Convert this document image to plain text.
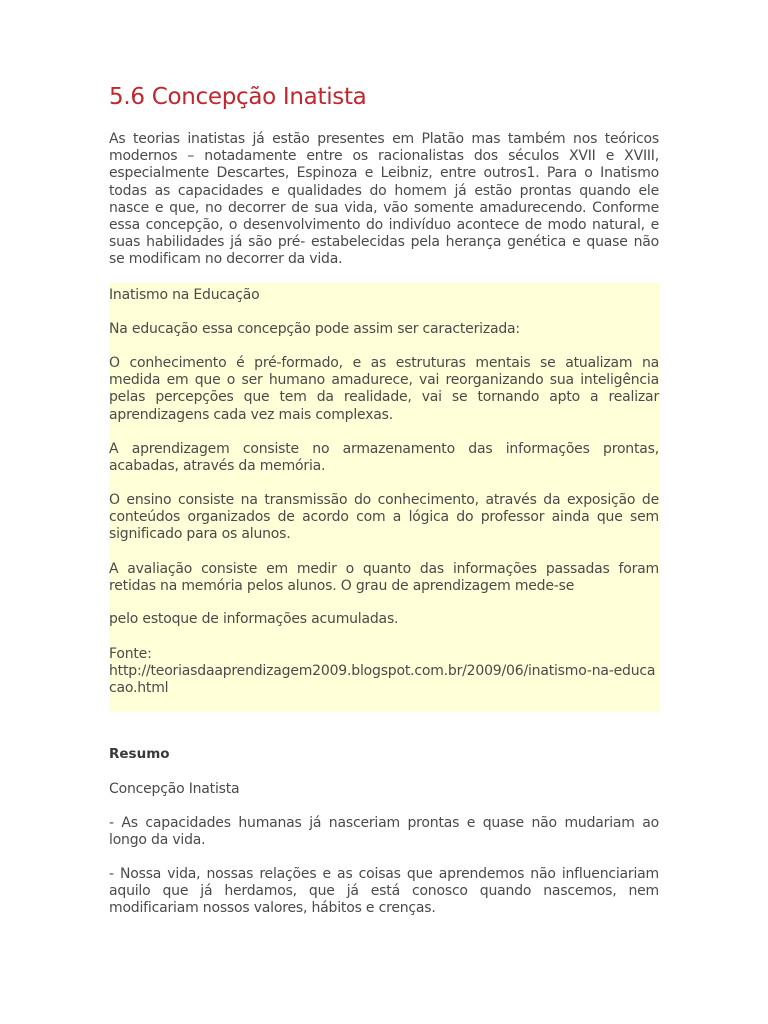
5.6 Concepção Inatista

As teorias inatistas já estão presentes em Platão mas também nos teóricos modernos – notadamente entre os racionalistas dos séculos XVII e XVIII, especialmente Descartes, Espinoza e Leibniz, entre outros1. Para o Inatismo todas as capacidades e qualidades do homem já estão prontas quando ele nasce e que, no decorrer de sua vida, vão somente amadurecendo. Conforme essa concepção, o desenvolvimento do indivíduo acontece de modo natural, e suas habilidades já são pré- estabelecidas pela herança genética e quase não se modificam no decorrer da vida.

Inatismo na Educação

Na educação essa concepção pode assim ser caracterizada:

O conhecimento é pré-formado, e as estruturas mentais se atualizam na medida em que o ser humano amadurece, vai reorganizando sua inteligência pelas percepções que tem da realidade, vai se tornando apto a realizar aprendizagens cada vez mais complexas.

A aprendizagem consiste no armazenamento das informações prontas, acabadas, através da memória.

O ensino consiste na transmissão do conhecimento, através da exposição de conteúdos organizados de acordo com a lógica do professor ainda que sem significado para os alunos.

A avaliação consiste em medir o quanto das informações passadas foram retidas na memória pelos alunos. O grau de aprendizagem mede-se

pelo estoque de informações acumuladas.

Fonte:

http://teoriasdaaprendizagem2009.blogspot.com.br/2009/06/inatismo-na-educacao.html

Resumo

Concepção Inatista

- As capacidades humanas já nasceriam prontas e quase não mudariam ao longo da vida.

- Nossa vida, nossas relações e as coisas que aprendemos não influenciariam aquilo que já herdamos, que já está conosco quando nascemos, nem modificariam nossos valores, hábitos e crenças.
